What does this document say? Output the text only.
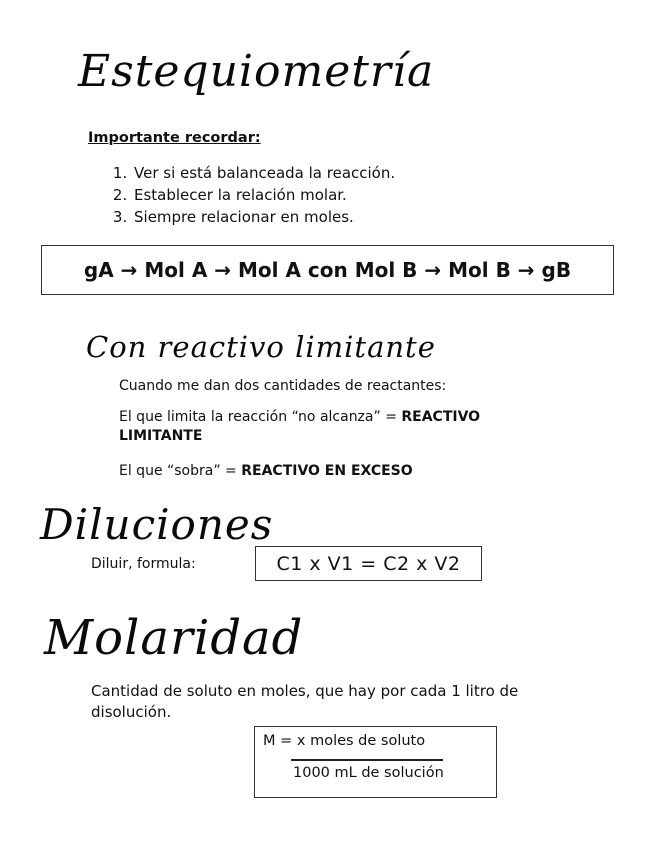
Estequiometría
Importante recordar:
1. Ver si está balanceada la reacción.
2. Establecer la relación molar.
3. Siempre relacionar en moles.
gA → Mol A → Mol A con Mol B → Mol B → gB
Con reactivo limitante
Cuando me dan dos cantidades de reactantes:
El que limita la reacción “no alcanza” = REACTIVO LIMITANTE
El que “sobra” = REACTIVO EN EXCESO
Diluciones
Diluir, formula:	C1 x V1 = C2 x V2
Molaridad
Cantidad de soluto en moles, que hay por cada 1 litro de disolución.
M = x moles de soluto
1000 mL de solución
